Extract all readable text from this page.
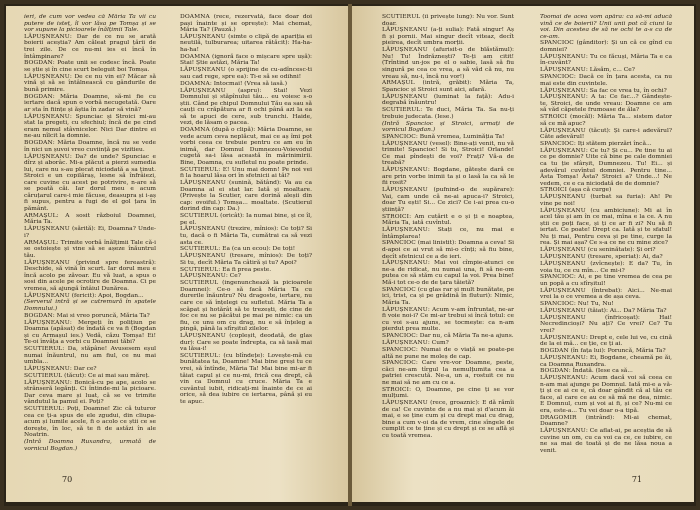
ieri, de cum vor vedea că Măria Ta vii cu putere de isteț, îl vor lăsa pe Tomșa și se vor supune la picioarele înălțimii Tale.

LĂPUȘNEANU: Dar de ce nu se arată boierii aceștia? Am căleat pragul țării de trei zile. De ce nu-mi ies ei încă în întâmpinare?

BOGDAN: Poate unii se codesc încă. Poate se știe și în cine scurt beleguit boi Tomșa.

LĂPUȘNEANU: De ce nu vin ei? Măcar să vină și să se întâlnească cu gândurile de bună primire.

BOGDAN: Măria Doamne, să-mi fie cu iertare dacă spun o vorbă necugetată. Oare ar sta în ființe și ăștia în zadar să vină?

LĂPUȘNEANU: Spunciac și Stroici mi-au stat la pregeti, cu sfechiul; încă de pe cind eram nemul stâvnicelor. Nici Dar dintre ei ne-au nîlcit la domnie.

BOGDAN: Măria Doamne, încă nu se vede în nici un șuvoi vreo cuviință pe vizitieu.

LĂPUȘNEANU: Da? de unde? Spunciac e dîrz și aborâc. Mi-a plăcut a pierzi sumedia lui, care nu s-au plecat niciodată a sa ținut. Stroici e un copilăraș, lesne să înfrâiezi, care cuvine cu acest pe potrivire, n-are să se poată căi. Iar dorul meu e acum căruțarul care-i mie făcuse, deasupra și i-aș fi supus, pentru a fugi de el gol țara în pământ.

ARMAȘUL: A sosit războiul Doamnei, Măria Ta.

LĂPUȘNEANU (sărită): Ei, Doamna? Unde-i?

ARMAȘUL: Trimite vorbă înălțimii Tale că-i se ostoiește și vine să se așeze înăuntrul tău.

LĂPUȘNEANU (privind spre fereastră): Deschide, să vină în scurt. Iar dorul meu e încă acolo pe zăvoar. Eu vă luat, a spus o sosi din acele pe ocrotire de Doamna. Ci pe vremea, să ajungă întâiul Dunărea.

LĂPUȘNEANU (fericit): Apoi, Bogdan...

(Serverul intră și se cutremură în spatele Domnului.)

BOGDAN: Mai si vreo poruncă, Măria Ta?

LĂPUȘNEANU: Mergeți în polițiun pe Doamna (apăsat) de îndată ce va fi (Bogdan și cu Armașul ies.) Vedă, căzu Tomșa! Ei! Te-oi învăța a vorbi cu Doamnei tăbi?

SCUTIERUL: Da, stăpâne! Avusesem eșul numai înăuntrul, nu am fiul, ce nu mai umbla...

LĂPUȘNEANU: Dar ce?

SCUTIERUL (tăcut): Ce ai mai sau măreț.

LĂPUȘNEANU: Bonică-cu pe ape, acolo se strânseră legănți. Ci întinde-mi la picioare. Dar ceva mare și luat, că se ve trimite vândutul la pamul ei. Poți?

SCUTIERUL: Poți, Doamne! Zic că tuturor cea ce ți-a spus de ele zgudui, din cliupa-acum și lumile acele, fi o acolo ce știi ce se dorește, în loc, să te fi de astăzi în ale Noatrin.

(Intră Doamna Ruxandra, urmată de vornicul Bogdan.)

DOAMNA (rece, rezervată, face doar doi pași înainte și se oprește): Mai chemat, Măria Ta? (Pauză.)

LĂPUȘNEANU (simte o clipă de apariția ei neutilă, tulburarea; uitarea rătăcit): Ha-ha-ha-ha!

DOAMNA (ignoră face o mișcare spre ușă): Stai! Știe astăzi, Măria Ta!

LĂPUȘNEANU (o sprijine de cu-adîncesc-ti sau cad rege, spre ea): Ti-e să se odihni!

DOAMNA: Intocmai! (Vrea să iasă.)

LĂPUȘNEANU (aspru): Stai! Vezi Domnului și stăpînului tău... eu voiesc s-o știi. Când pe chipul Domnului Tău ea sau să cauți cu crăpătura ar fi ochi până azi la ea să te apuci de cere, sub trunchi. Haide, vezi, de lăsam o pacea.

DOAMNA (după o clipă): Măria Doamne, se vede acum ceva neplăcut, mai ce aș îmi pot vorbi ceea ce trebuie pentru ce am eu în inimă, dar Domnul Dumnezeu-Voievodul cugetă sa-i lăsa această în mărinimirii. Bine, Doamna, cu sufletul nu poate prinde.

SCUTIERUL: E! Unu mai domn! Pe noi vei fi la hoarul lăsa ori în sfetnicii ai tăi?

LĂPUȘNEANU (sunină, bătând): Va au ca Doamna al ei stat lar. Iată și moaltare. (Privește la Scutier, care dorină aleșii din cap: ovoiful.) Tomșa... moaltate. (Scutierul dorind din cap: Da.)

SCUTIERUL (oricât): Ia numai bine, și ce îl, pe el.

LĂPUȘNEANU (trezire, mînios): Ce toți? Si tu, dacă o fi Măria Ta, cumătrai ca să vezi asta ce.

SCUTIERUL: Ea (ca un ecou): De toți!

LĂPUȘNEANU (tresare, mînios): De toți? Si tu, decît Măria Ta câtiră și tu? Apoi?

SCUTIERUL: Ea fi prea peste.

LĂPUȘNEANU: Ce?

SCUTIERUL (ingenunchează la picioarele Doamnei): Ce-o să facă Măria Ta cu durerile înăuntru? Nu dragoste, iertare, nu care ce să înțelegi cu sufletul. Măria Ta a scăpat și hotărât să te trezești, de cine de foc ce nu se păcătui pe mai pe nimic: ca un fiu, ce unu om cu drag, nu e să înțeleg a pingă, până la sfîrșitul zilelor.

LĂPUȘNEANU (copleșit, deodată, de glas dur): Care se poate îndrepta, ca să iasă mai va lăsa-i!

SCUTIERUL: (cu blîndețe): Lovește-mă cu bunătatea ta, Doamne! Mai bine greși tu ce vrei, să întînde, Măria Ta! Mai bine mi-ar fi tăiat capul și ce nu-mi, frică cea drept, că vin ca Domnul cu cruce. Măria Ta e cuvântul iubit, ridicați-mi înainte de ce ai orice, să dea iubire ce iertarea, până și eu te apuc.

70

SCUTIERUL (îi privește lung): Nu vor. Sunt doar.

LĂPUȘNEANU (a-ți sulia): Fată singur! Aș fi și pornii. Mai singur decît viteaz, decît pieirea, decît umbra morții.

LĂPUȘNEANU (afurisit-o de blăstămul): Nu! Tu! Îndrăznești? Te-ți am citit! (Trîntind un-jos pe el o sabie, lasă să fiu singură pe cea ce vrea, a să văd că nu, nu vreau să, nu-i, încă nu vor!)

ARMAȘUL (intră, grăbit): Măria Ta, Spancioc și Stroici sunt aici, afară.

LĂPUȘNEANU (luminat la față): Adu-i degrabă înăuntru!

SCUTIERUL: Te duci, Măria Ta. Sa nu-ți trebuie judecata. (Iese.)

(Intră Spancioc și Stroici, urmați de vornicul Bogdan.)

SPANCIOC: Bună vremea, Luminăția Ta!

LĂPUȘNEANU (vesel): Bine-ați venit, nu vă trimite! Spancioc! Si tu, Stroici! Orlande! Ce mai pîndești de voi? Frați? Vă-a de treabă?

LĂPUȘNEANU: Bogdane, gătește dară ce are prin vorbe inimii ta și o lasă la ca să le fii rosit?

LĂPUȘNEANU (pufnind-o de supărare): Vai, cam unde că ne-ai apuca-i? Stroici, doar Tu ești! Si... Ce zici? Ce i-ai prea cu-o știință?

STROICI: Am cutărit e o și ți e noaptea, Măria Ta, iată cuvîntul.

LĂPUȘNEANU: Stați ce, nu mai e întâmplarea!

SPANCIOC (mai linistit): Doamna a ceva! Si d-apoi ce ai vrut să mi-o cînți; să fiu bine, decît sfetnicul ce a de ieri.

LĂPUȘNEANU: Mai voi cîmpie-atunci ce ne-a de ridicat, nu numai una, fi să ne-om putea ce să stăm cu capul la voi. Prea bine! Mă-i tot ce-o de de țara tăietă?

SPANCIOC (cu glas rar și mult bunătate, pe ici, trist, ca și pe grădină în fluturi): Nimic, Măria Ta.

LĂPUȘNEANU: Acum v-am înfruntat, ne-ar fi voie noi-i? Ce mi-ar trebui si încă totul: ce cu voi s-au ajuns, se tocmește: ca n-am pierdut prea multe.

SPANCIOC: Dar nu, că Măria Ta ne-a ajuns.

LĂPUȘNEANU: Cum?

SPANCIOC: Numai de o viață se poate-pe altă ne pune ne moleș de cap.

SPANCIOC: Care vre-vor Doamne, peste, căci ne-am tîrgul la nemulțumita cea a patriei crescută. Ne-a, un a, rostuit ce nu ne mai să ne am cu ce a.

STROICI: O, Doamne, pe cine ți se vor mulțumi.

LĂPUȘNEANU (rece, groaznic): E dă rămîi de ca! Ce cuvinte de a nu mai și d'acum ăi mai, e se ține cum și cu drept mai cu drag, bine a cum v-oi da de vrem, cine sîngele de cumplit ce te ține și cu drept și ce se află și cu toată vremea.

Toomai de acea vom apăra: ca să-mi aducă vină ce de boierii? Unii unii pot că ciuni la voi. Din acestea de să ne ochi te a-s ca de ce-am.

SPANCIOC (gânditor): Și un că ce gînd cu domniei?

LĂPUȘNEANU: Tu ce făcuși, Măria Ta e ca în-cuvânt?

LĂPUȘNEANU: Lăsăm, c... Ce?

SPANCIOC: Dacă ce în țara acesta, ca nu mai este din cuvintele.

LĂPUȘNEANU: Sa fac ce vrea tu, în ochi?

LĂPUȘNEANU: A ta: Ce fac...? Gândește-te, Stroici, de unde vreau: Doamne ce am să văd căpetele frumoase de ăla?

STROICI (mocăl): Măria Ta... sistem dator să ce mă apuc?

LĂPUȘNEANU (tăcut): Și care-i adevărul? Câte adevărul!

SPANCIOC: Iți stătem pierzări încă...

LĂPUȘNEANU: Ce tu? Și cu... Pe tine tu ai ce pe domnie? Uite că bine pe cale domniei ca tu ție sfârșit, Dumnezeu. Tu! Ei... și adevărul cuvîntul domniei. Pentru tine... Ăsta Tomșa! Ăsta? Stroici a? Unde...! Ne vedem, ce e ca niciodată de de domnie?

STROICI (așa că curge)

LĂPUȘNEANU (turbat sa furia): Ah! Pe vine pe noi!

LĂPUȘNEANU (cu ambiciune): Mi ai în acel tău și am în ce mai, mîna e la ce. A nu știi ce poți face, și ți ce ar fi zi? Nu să fi iertat. Ce poate! Drept ca. Iată și te sfatul! Nu ți mai, Pentru ceva și pe tine, curge la rea. Și mai așa? Ce s-a ce ne cu mine zice?

LĂPUȘNEANU (cu seninătate): Și ori?

LĂPUȘNEANU (tresare, speriat): Ai, da?

LĂPUȘNEANU (zvîcnește): E da? Tu, în voia tu, ce cu mîn... Ce mi-i?

SPANCIOC: Ai, e pe tine vremea de cea pe un popă a cu sfîrșitul!

LĂPUȘNEANU (întrebat): Aici... Ne-mai vrei la o ce vremea a de așa ceva.

SPANCIOC: Nu! Tu, Nu!

LĂPUȘNEANU (tăiat): Ai... Da? Măria Ta?

LĂPUȘNEANU (înfricoșat): Hai! Necredincioși? Nu ați? Ce vrei? Ce? Tu vrei?

LĂPUȘNEANU: Drept e, cele lui ve, cu cină de la ei mă... ce ție, ce ți ai.

BOGDAN (în fața lui): Poruncă, Măria Ta?

LĂPUȘNEANU: Ei, Bogdane, cheamă pe ăi, ca Doamna Ruxandra.

BOGDAN: Îndată. (Iese ca să...

LĂPUȘNEANU: Acum dacă voi să ceea ce n-am mai ajunge pe Domnul. Iată mi-e a vă-ți și ce ai ce e, că doar gândit că al tău ce face, al care ce au ce să mă ne dea, nimic. E Domnul, cum și voi ai fi, și ce? Nu-mi ce era, este-a... Tu vei doar o-a tipă.

DRAGOMIR (intrând): Mi-ai chemat, Doamne?

LĂPUȘNEANU: Ce aflat-ai, pe aceștia de să cuvine un om, cu ca voi ca ce, ce iubire, ce ne sa mai de toată și de ne lăsa noua a venit.

71
